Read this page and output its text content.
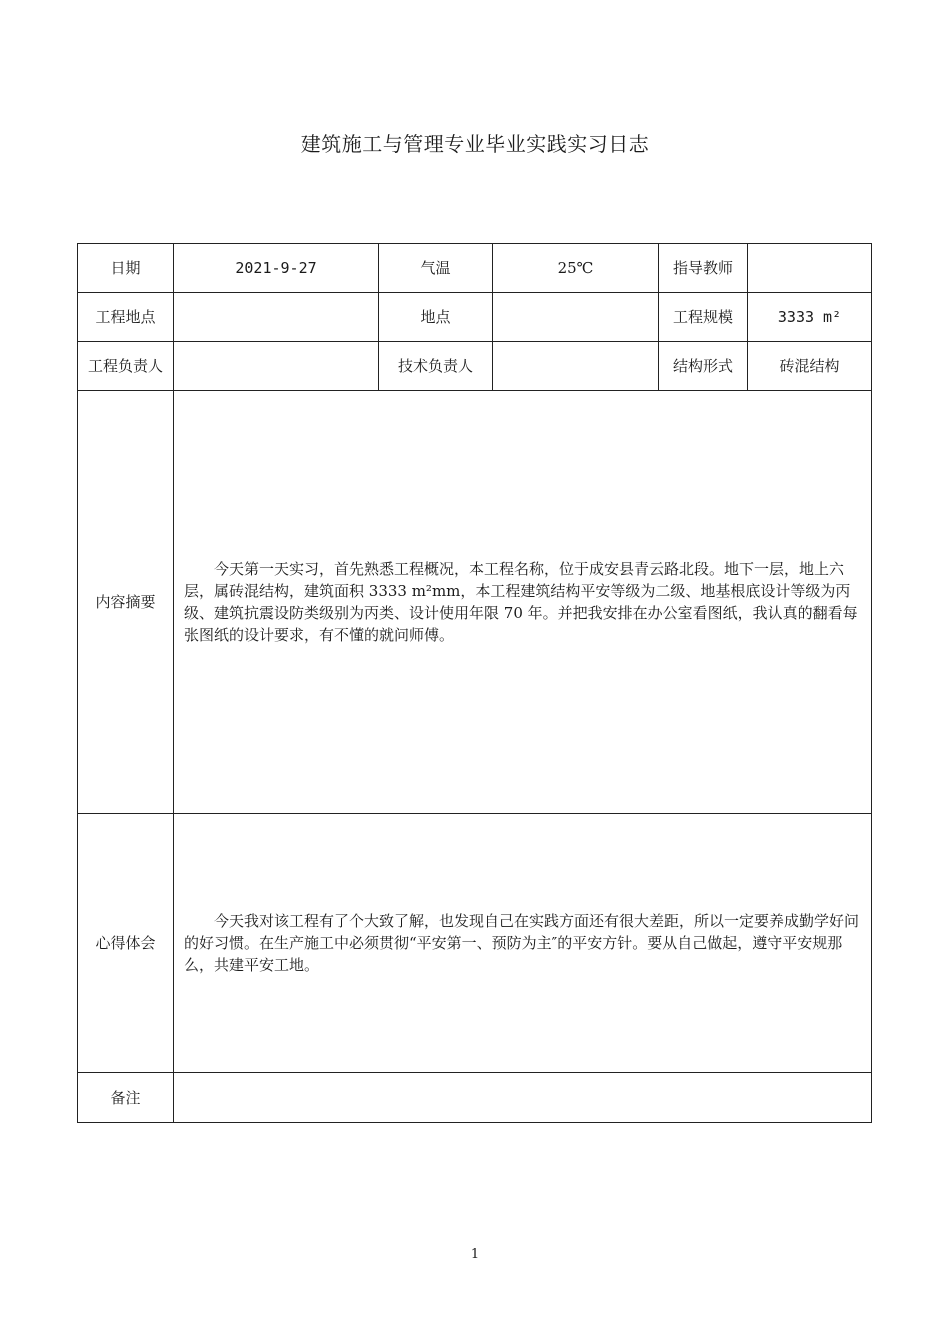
建筑施工与管理专业毕业实践实习日志
日期	2021-9-27	气温	25℃	指导教师	
工程地点		地点		工程规模	3333 m²
工程负责人		技术负责人		结构形式	砖混结构
内容摘要	今天第一天实习，首先熟悉工程概况，本工程名称，位于成安县青云路北段。地下一层，地上六层，属砖混结构，建筑面积 3333 m²mm，本工程建筑结构平安等级为二级、地基根底设计等级为丙级、建筑抗震设防类级别为丙类、设计使用年限 70 年。并把我安排在办公室看图纸，我认真的翻看每张图纸的设计要求，有不懂的就问师傅。				
心得体会	今天我对该工程有了个大致了解，也发现自己在实践方面还有很大差距，所以一定要养成勤学好问的好习惯。在生产施工中必须贯彻“平安第一、预防为主″的平安方针。要从自己做起，遵守平安规那么，共建平安工地。				
备注					
1
